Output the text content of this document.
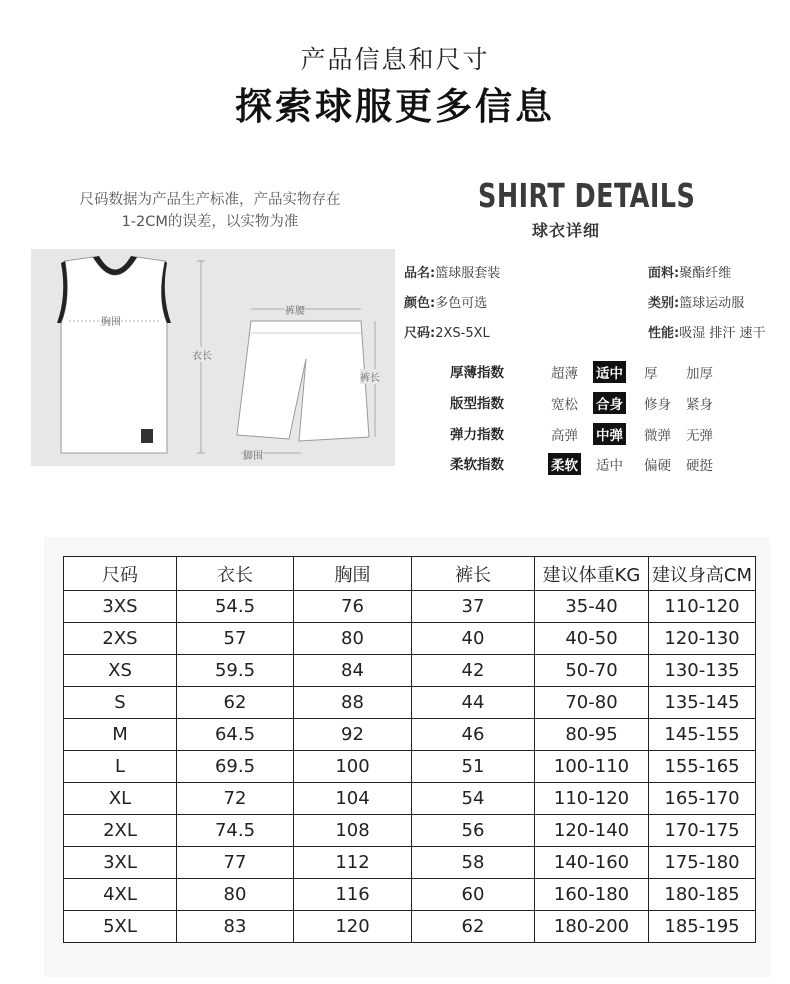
产品信息和尺寸
探索球服更多信息
尺码数据为产品生产标准，产品实物存在
1-2CM的误差，以实物为准
SHIRT DETAILS
球衣详细
胸围
衣长
裤腰
裤长
脚围
品名:篮球服套装	面料:聚酯纤维
颜色:多色可选	类别:篮球运动服
尺码:2XS-5XL	性能:吸湿 排汗 速干
厚薄指数	超薄 适中 厚 加厚
版型指数	宽松 合身 修身 紧身
弹力指数	高弹 中弹 微弹 无弹
柔软指数	柔软 适中 偏硬 硬挺
尺码	衣长	胸围	裤长	建议体重KG	建议身高CM
3XS	54.5	76	37	35-40	110-120
2XS	57	80	40	40-50	120-130
XS	59.5	84	42	50-70	130-135
S	62	88	44	70-80	135-145
M	64.5	92	46	80-95	145-155
L	69.5	100	51	100-110	155-165
XL	72	104	54	110-120	165-170
2XL	74.5	108	56	120-140	170-175
3XL	77	112	58	140-160	175-180
4XL	80	116	60	160-180	180-185
5XL	83	120	62	180-200	185-195
